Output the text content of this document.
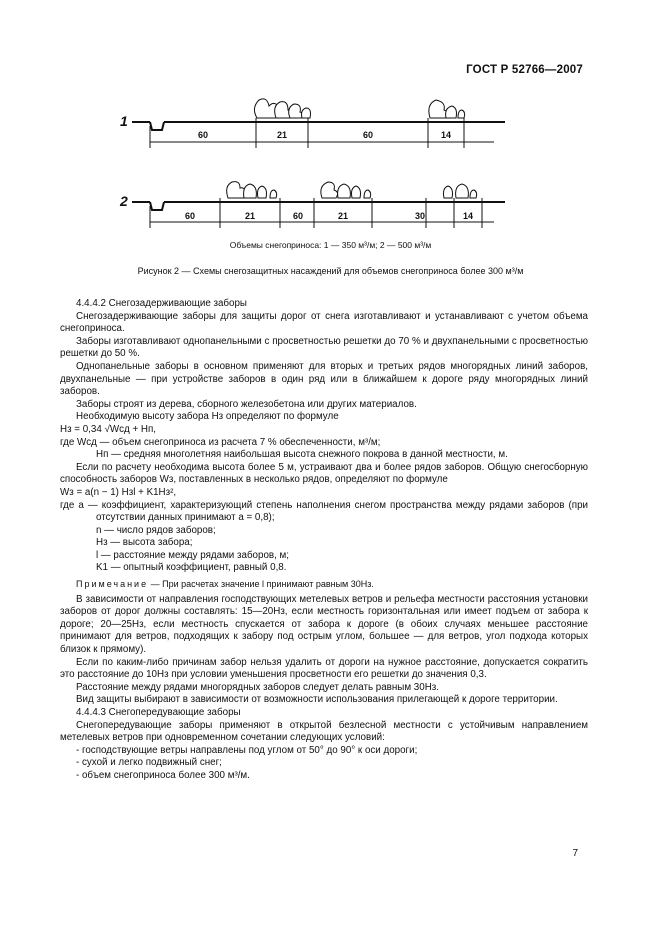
ГОСТ Р 52766—2007
1
60	21	60	14
2
60	21	60	21	30	14
Объемы снегоприноса: 1 — 350 м³/м; 2 — 500 м³/м
Рисунок 2 — Схемы снегозащитных насаждений для объемов снегоприноса более 300 м³/м

4.4.4.2 Снегозадерживающие заборы

Снегозадерживающие заборы для защиты дорог от снега изготавливают и устанавливают с учетом объема снегоприноса.

Заборы изготавливают однопанельными с просветностью решетки до 70 % и двухпанельными с просветностью решетки до 50 %.

Однопанельные заборы в основном применяют для вторых и третьих рядов многорядных линий заборов, двухпанельные — при устройстве заборов в один ряд или в ближайшем к дороге ряду многорядных линий заборов.

Заборы строят из дерева, сборного железобетона или других материалов.

Необходимую высоту забора Hз определяют по формуле

Hз = 0,34 √Wсд + Hп,

где Wсд — объем снегоприноса из расчета 7 % обеспеченности, м³/м;

Hп — средняя многолетняя наибольшая высота снежного покрова в данной местности, м.

Если по расчету необходима высота более 5 м, устраивают два и более рядов заборов. Общую снегосборную способность заборов Wз, поставленных в несколько рядов, определяют по формуле

Wз = a(n − 1) Hзl + K1Hз²,

где a — коэффициент, характеризующий степень наполнения снегом пространства между рядами заборов (при отсутствии данных принимают a = 0,8);

n — число рядов заборов;

Hз — высота забора;

l — расстояние между рядами заборов, м;

K1 — опытный коэффициент, равный 0,8.

Примечание — При расчетах значение l принимают равным 30Hз.

В зависимости от направления господствующих метелевых ветров и рельефа местности расстояния установки заборов от дорог должны составлять: 15—20Hз, если местность горизонтальная или имеет подъем от забора к дороге; 20—25Hз, если местность спускается от забора к дороге (в обоих случаях меньшее расстояние принимают для ветров, подходящих к забору под острым углом, большее — для ветров, угол подхода которых близок к прямому).

Если по каким-либо причинам забор нельзя удалить от дороги на нужное расстояние, допускается сократить это расстояние до 10Hз при условии уменьшения просветности его решетки до значения 0,3.

Расстояние между рядами многорядных заборов следует делать равным 30Hз.

Вид защиты выбирают в зависимости от возможности использования прилегающей к дороге территории.

4.4.4.3 Снегопередувающие заборы

Снегопередувающие заборы применяют в открытой безлесной местности с устойчивым направлением метелевых ветров при одновременном сочетании следующих условий:

- господствующие ветры направлены под углом от 50° до 90° к оси дороги;

- сухой и легко подвижный снег;

- объем снегоприноса более 300 м³/м.

7
